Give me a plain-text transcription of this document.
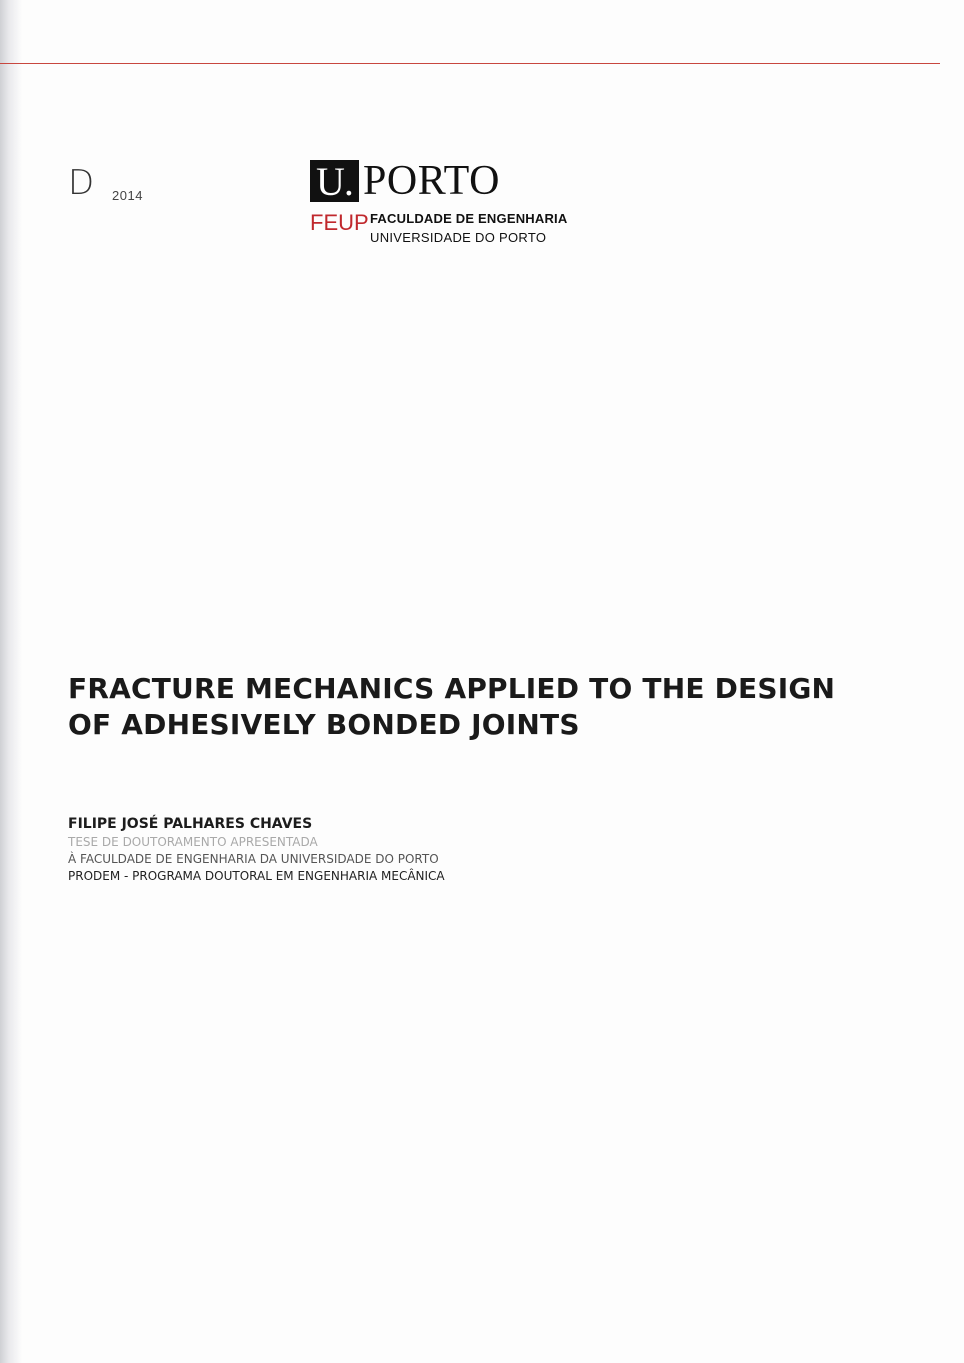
D 2014	U. PORTO
FEUP FACULDADE DE ENGENHARIA
UNIVERSIDADE DO PORTO
FRACTURE MECHANICS APPLIED TO THE DESIGN
OF ADHESIVELY BONDED JOINTS
FILIPE JOSÉ PALHARES CHAVES
TESE DE DOUTORAMENTO APRESENTADA
À FACULDADE DE ENGENHARIA DA UNIVERSIDADE DO PORTO
PRODEM - PROGRAMA DOUTORAL EM ENGENHARIA MECÂNICA
